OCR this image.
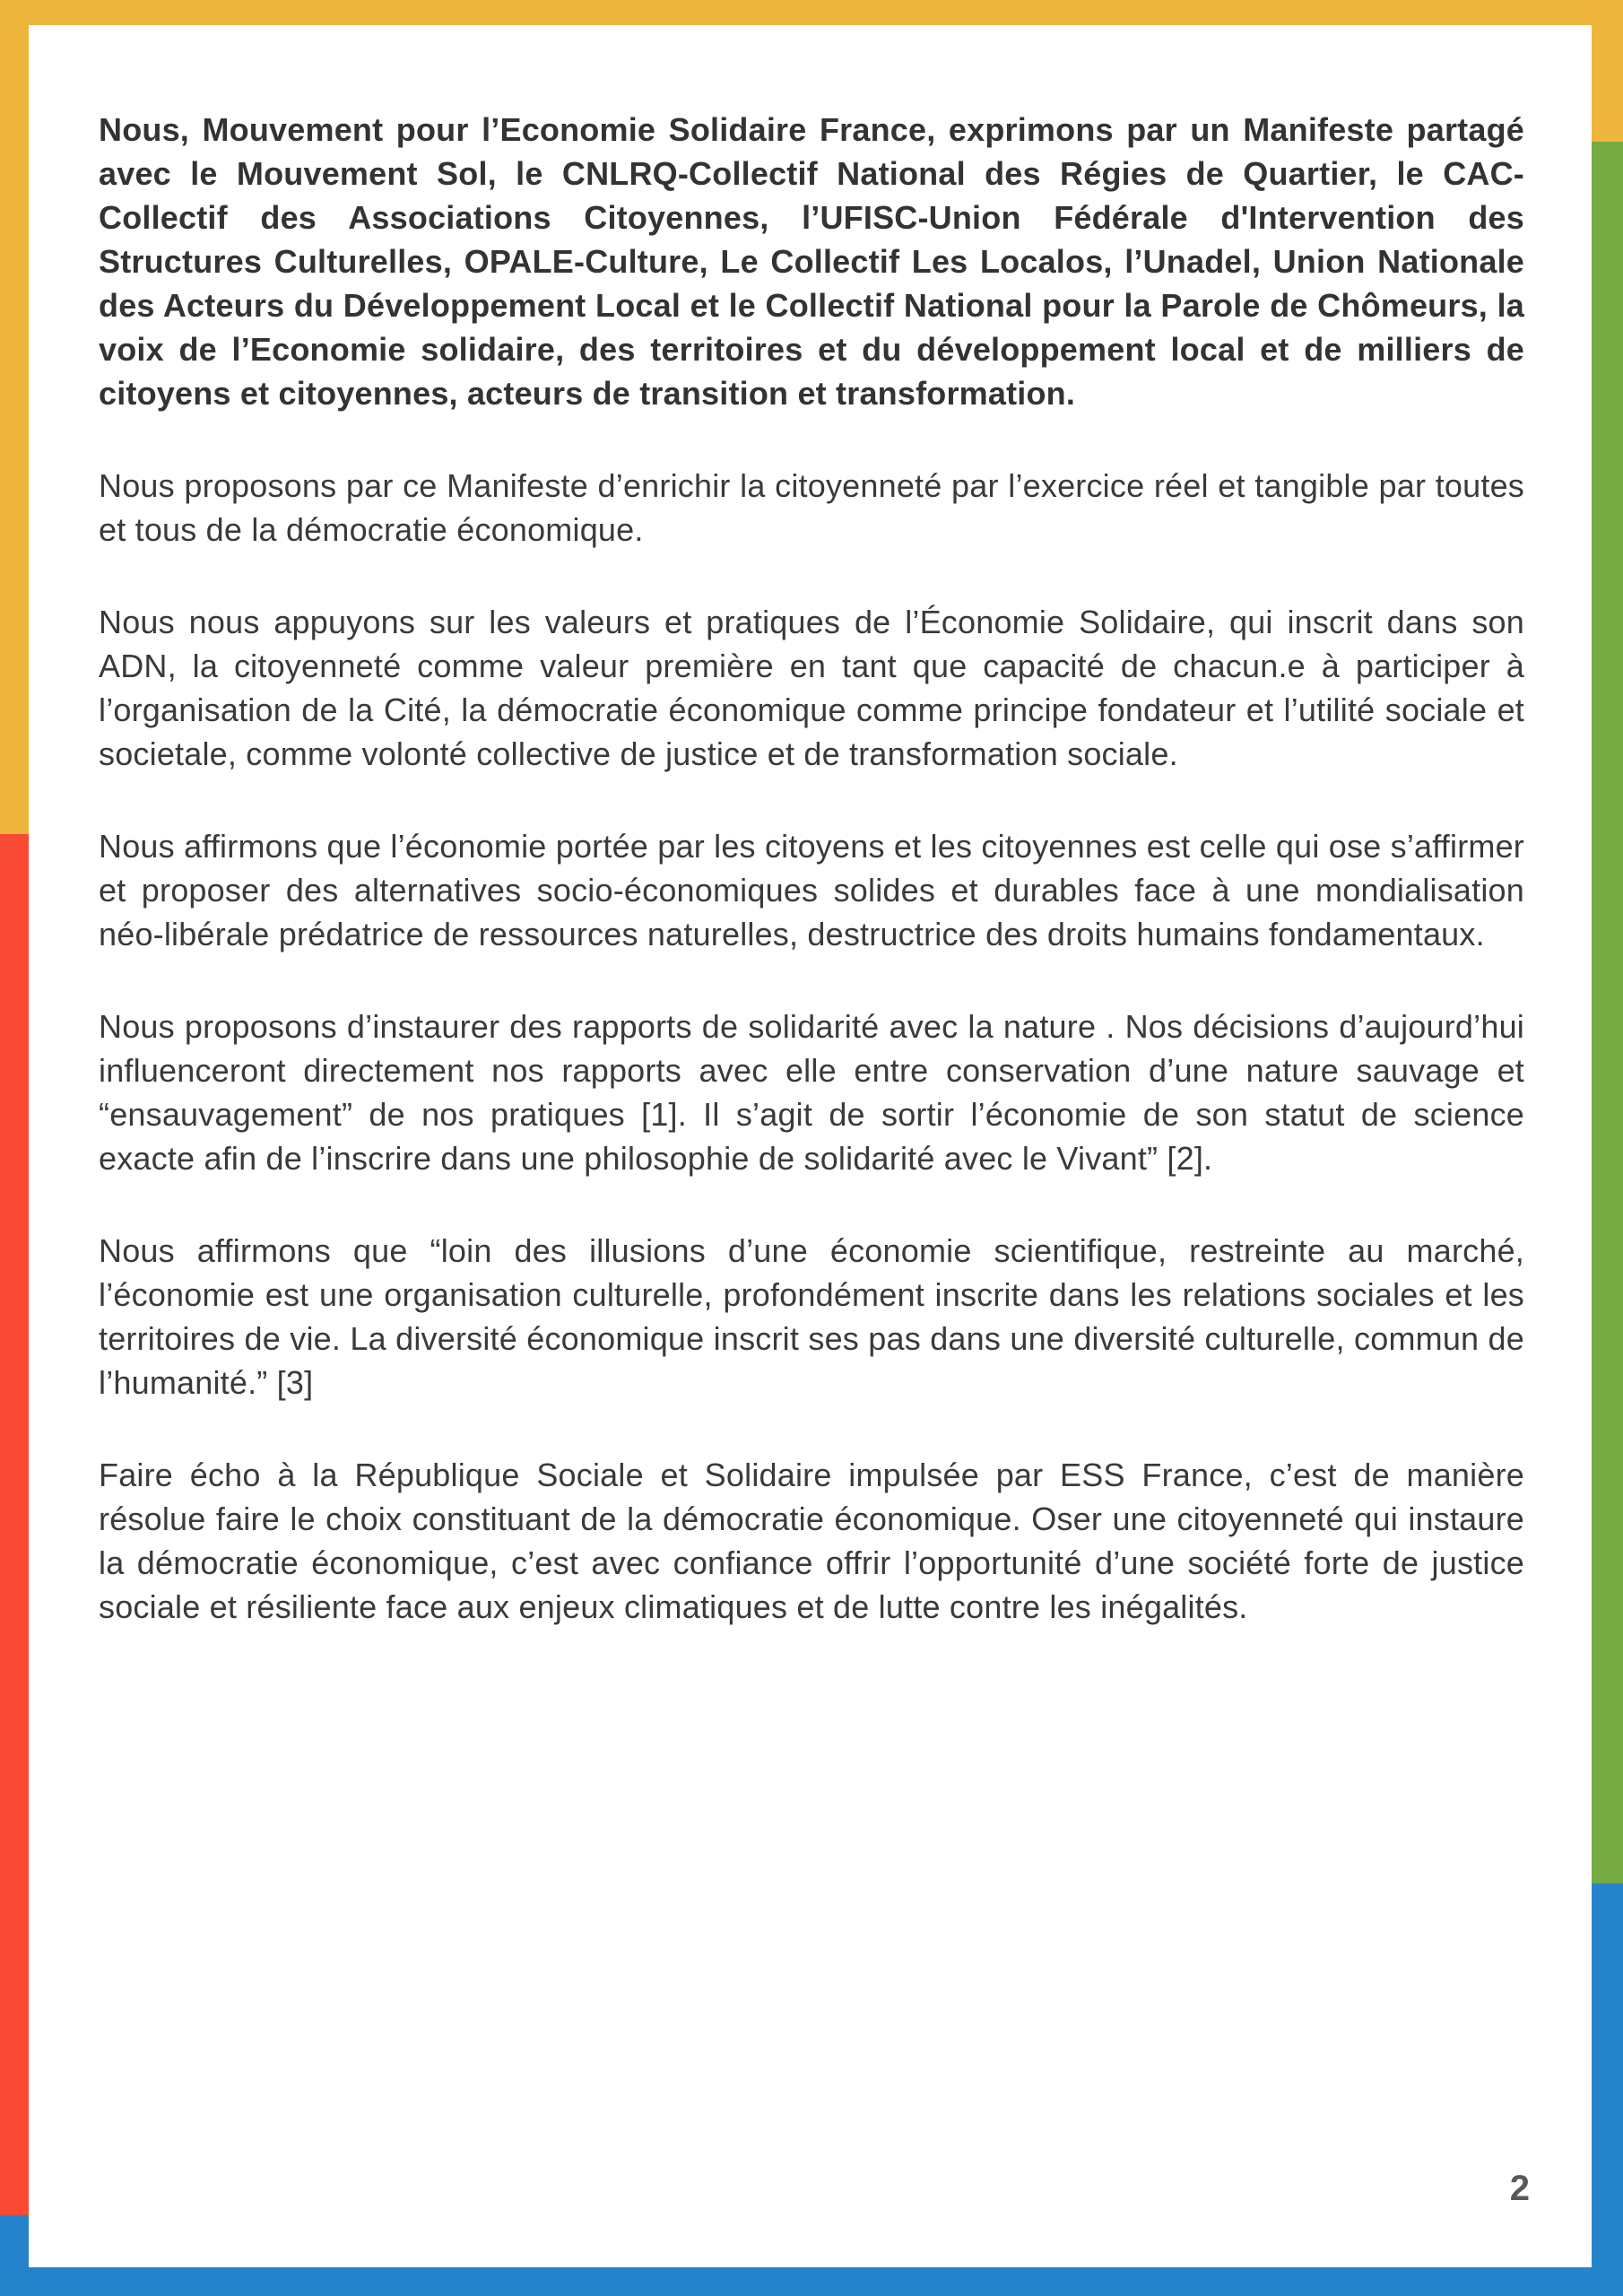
Nous, Mouvement pour l’Economie Solidaire France, exprimons par un Manifeste partagé avec le Mouvement Sol, le CNLRQ-Collectif National des Régies de Quartier, le CAC-Collectif des Associations Citoyennes, l’UFISC-Union Fédérale d'Intervention des Structures Culturelles, OPALE-Culture, Le Collectif Les Localos, l’Unadel, Union Nationale des Acteurs du Développement Local et le Collectif National pour la Parole de Chômeurs, la voix de l’Economie solidaire, des territoires et du développement local et de milliers de citoyens et citoyennes, acteurs de transition et transformation.

Nous proposons par ce Manifeste d’enrichir la citoyenneté par l’exercice réel et tangible par toutes et tous de la démocratie économique.

Nous nous appuyons sur les valeurs et pratiques de l’Économie Solidaire, qui inscrit dans son ADN, la citoyenneté comme valeur première en tant que capacité de chacun.e à participer à l’organisation de la Cité, la démocratie économique comme principe fondateur et l’utilité sociale et societale, comme volonté collective de justice et de transformation sociale.

Nous affirmons que l’économie portée par les citoyens et les citoyennes est celle qui ose s’affirmer et proposer des alternatives socio-économiques solides et durables face à une mondialisation néo-libérale prédatrice de ressources naturelles, destructrice des droits humains fondamentaux.

Nous proposons d’instaurer des rapports de solidarité avec la nature . Nos décisions d’aujourd’hui influenceront directement nos rapports avec elle entre conservation d’une nature sauvage et “ensauvagement” de nos pratiques [1]. Il s’agit de sortir l’économie de son statut de science exacte afin de l’inscrire dans une philosophie de solidarité avec le Vivant” [2].

Nous affirmons que “loin des illusions d’une économie scientifique, restreinte au marché, l’économie est une organisation culturelle, profondément inscrite dans les relations sociales et les territoires de vie. La diversité économique inscrit ses pas dans une diversité culturelle, commun de l’humanité.” [3]

Faire écho à la République Sociale et Solidaire impulsée par ESS France, c’est de manière résolue faire le choix constituant de la démocratie économique. Oser une citoyenneté qui instaure la démocratie économique, c’est avec confiance offrir l’opportunité d’une société forte de justice sociale et résiliente face aux enjeux climatiques et de lutte contre les inégalités.

2
